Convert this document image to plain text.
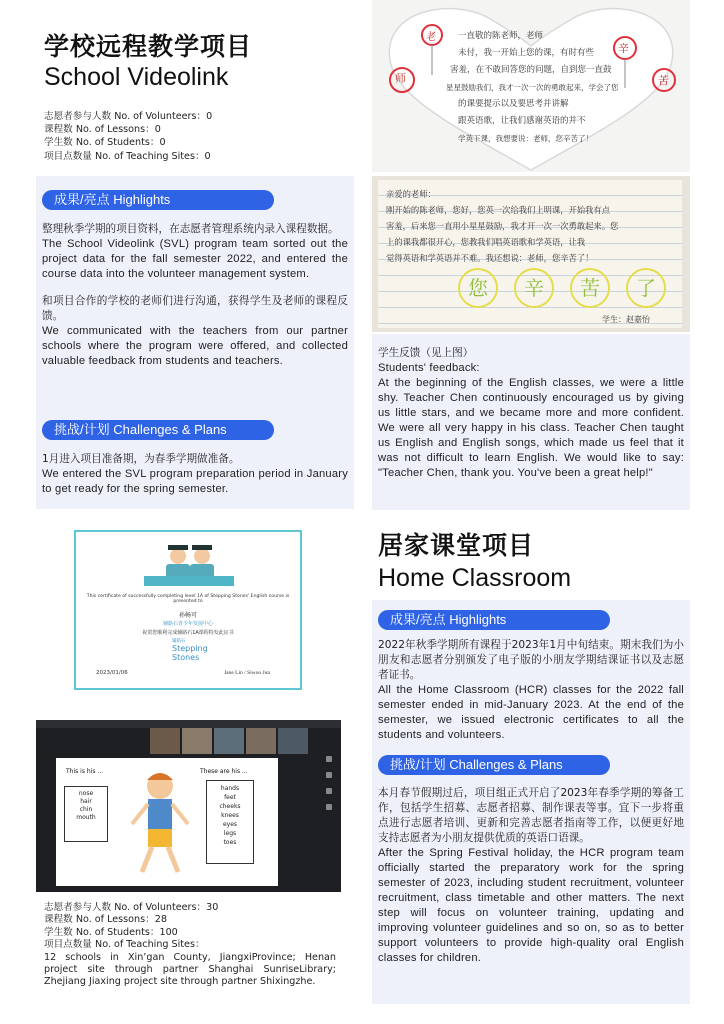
学校远程教学项目
School Videolink
志愿者参与人数 No. of Volunteers：0
课程数 No. of Lessons：0
学生数 No. of Students：0
项目点数量 No. of Teaching Sites：0
成果/亮点 Highlights

整理秋季学期的项目资料，在志愿者管理系统内录入课程数据。

The School Videolink (SVL) program team sorted out the project data for the fall semester 2022, and entered the course data into the volunteer management system.

和项目合作的学校的老师们进行沟通，获得学生及老师的课程反馈。

We communicated with the teachers from our partner schools where the program were offered, and collected valuable feedback from students and teachers.

挑战/计划 Challenges & Plans

1月进入项目准备期，为春季学期做准备。

We entered the SVL program preparation period in January to get ready for the spring semester.

师
辛
苦
老	一直敬的陈老师，老师
未付，我一开始上您的课，有时有些
害羞，在不敢回答您的问题，自到您一直鼓
星星鼓励我们，我才一次一次的勇敢起来，学会了您
的课要提示以及要思考并讲解
跟英语歌，让我们感谢英语的并不
学英下课，我想要说：老师，您辛苦了！
亲爱的老师：
刚开始的陈老师，您好，您英一次给我们上明课，开始我有点
害羞，后来您一直用小星星鼓励，我才开一次一次勇敢起来。您
上的课我都很开心，您教我们唱英语歌和学英语，让我
觉得英语和学英语并不难。我还想说：老师，您辛苦了！
您	辛	苦	了
学生：赵嘉怡

学生反馈（见上图）

Students' feedback:

At the beginning of the English classes, we were a little shy. Teacher Chen continuously encouraged us by giving us little stars, and we became more and more confident. We were all very happy in his class. Teacher Chen taught us English and English songs, which made us feel that it was not difficult to learn English. We would like to say: "Teacher Chen, thank you. You've been a great help!"

This certificate of successfully completing level 1A of Stepping Stones' English course is presented to
孙畅可
辅路石青少年发展中心
祝贺您顺利完成辅路石1A课程特发此证书
辅路石
Stepping
Stones
2023/01/06	Jane Lin / Siwoo Jun
This is his ...	These are his ...
nose
hair
chin
mouth
hands
feet
cheeks
knees
eyes
legs
toes
志愿者参与人数 No. of Volunteers：30
课程数 No. of Lessons：28
学生数 No. of Students：100
项目点数量 No. of Teaching Sites：
12 schools in Xin’gan County, JiangxiProvince; Henan project site through partner Shanghai SunriseLibrary; Zhejiang Jiaxing project site through partner Shixingzhe.
居家课堂项目
Home Classroom
成果/亮点 Highlights

2022年秋季学期所有课程于2023年1月中旬结束。期末我们为小朋友和志愿者分别颁发了电子版的小朋友学期结课证书以及志愿者证书。

All the Home Classroom (HCR) classes for the 2022 fall semester ended in mid-January 2023. At the end of the semester, we issued electronic certificates to all the students and volunteers.

挑战/计划 Challenges & Plans

本月春节假期过后，项目组正式开启了2023年春季学期的筹备工作，包括学生招募、志愿者招募、制作课表等事。宜下一步将重点进行志愿者培训、更新和完善志愿者指南等工作，以便更好地支持志愿者为小朋友提供优质的英语口语课。

After the Spring Festival holiday, the HCR program team officially started the preparatory work for the spring semester of 2023, including student recruitment, volunteer recruitment, class timetable and other matters. The next step will focus on volunteer training, updating and improving volunteer guidelines and so on, so as to better support volunteers to provide high-quality oral English classes for children.
